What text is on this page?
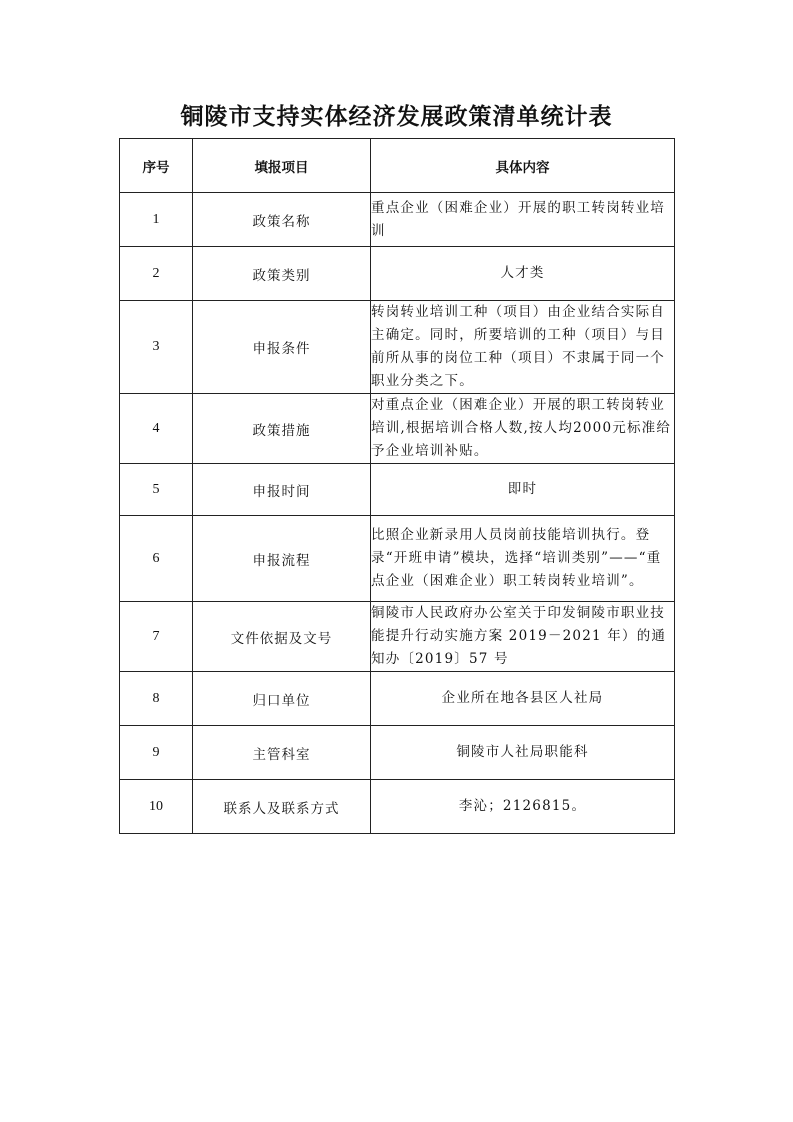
铜陵市支持实体经济发展政策清单统计表
序号	填报项目	具体内容
1	政策名称	重点企业（困难企业）开展的职工转岗转业培训
2	政策类别	人才类
3	申报条件	转岗转业培训工种（项目）由企业结合实际自主确定。同时，所要培训的工种（项目）与目前所从事的岗位工种（项目）不隶属于同一个职业分类之下。
4	政策措施	对重点企业（困难企业）开展的职工转岗转业培训,根据培训合格人数,按人均2000元标准给予企业培训补贴。
5	申报时间	即时
6	申报流程	比照企业新录用人员岗前技能培训执行。登录“开班申请”模块，选择“培训类别”——“重点企业（困难企业）职工转岗转业培训”。
7	文件依据及文号	铜陵市人民政府办公室关于印发铜陵市职业技能提升行动实施方案 2019－2021 年）的通知办〔2019〕57 号
8	归口单位	企业所在地各县区人社局
9	主管科室	铜陵市人社局职能科
10	联系人及联系方式	李沁；2126815。
